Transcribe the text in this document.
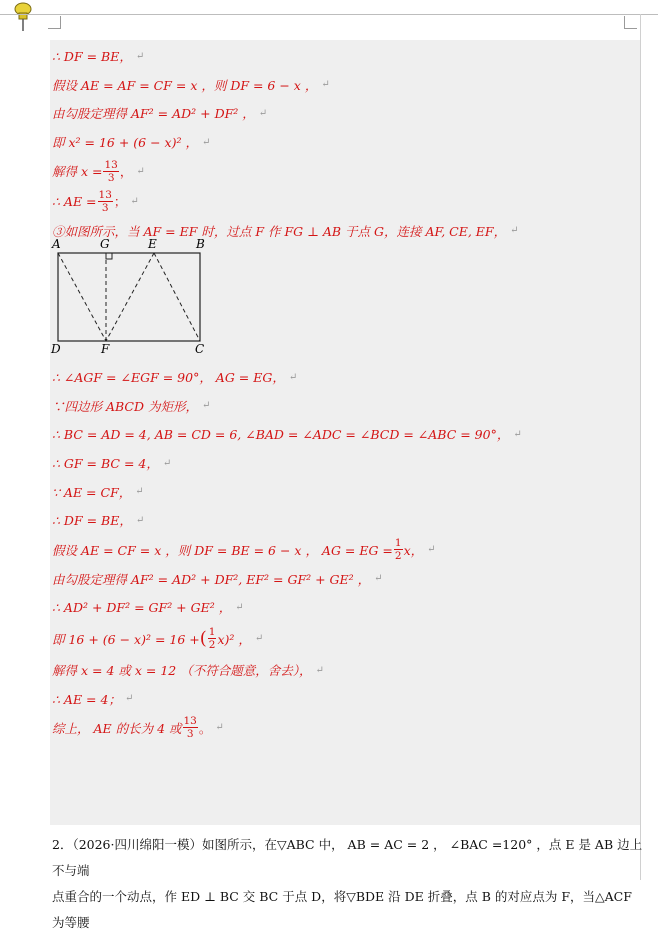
∴ DF = BE， ↵
假设 AE = AF = CF = x ，则 DF = 6 − x ， ↵
由勾股定理得 AF² = AD² + DF² ， ↵
即 x² = 16 + (6 − x)² ， ↵
解得 $x = \frac{13}{3}$ ， ↵
∴ AE = $\frac{13}{3}$ ； ↵
③如图所示，当 AF = EF 时，过点 F 作 FG ⊥ AB 于点 G，连接 AF, CE, EF， ↵
A	G	E	B
D	F	C
∴ ∠AGF = ∠EGF = 90°， AG = EG， ↵
∵四边形 ABCD 为矩形， ↵
∴ BC = AD = 4, AB = CD = 6, ∠BAD = ∠ADC = ∠BCD = ∠ABC = 90°， ↵
∴ GF = BC = 4， ↵
∵ AE = CF， ↵
∴ DF = BE， ↵
假设 AE = CF = x ，则 DF = BE = 6 − x ， AG = EG = $\frac{1}{2}$ x， ↵
由勾股定理得 AF² = AD² + DF², EF² = GF² + GE² ， ↵
∴ AD² + DF² = GF² + GE² ， ↵
即 16 + (6 − x)² = 16 + ( 1
2 x)² ， ↵
解得 x = 4 或 x = 12 （不符合题意，舍去）， ↵
∴ AE = 4； ↵
综上， AE 的长为 4 或 13
3 。 ↵
2．（2026·四川绵阳一模）如图所示，在▽ABC 中， AB = AC = 2 ， ∠BAC =120° ，点 E 是 AB 边上不与端
点重合的一个动点，作 ED ⊥ BC 交 BC 于点 D，将▽BDE 沿 DE 折叠，点 B 的对应点为 F，当△ACF 为等腰
